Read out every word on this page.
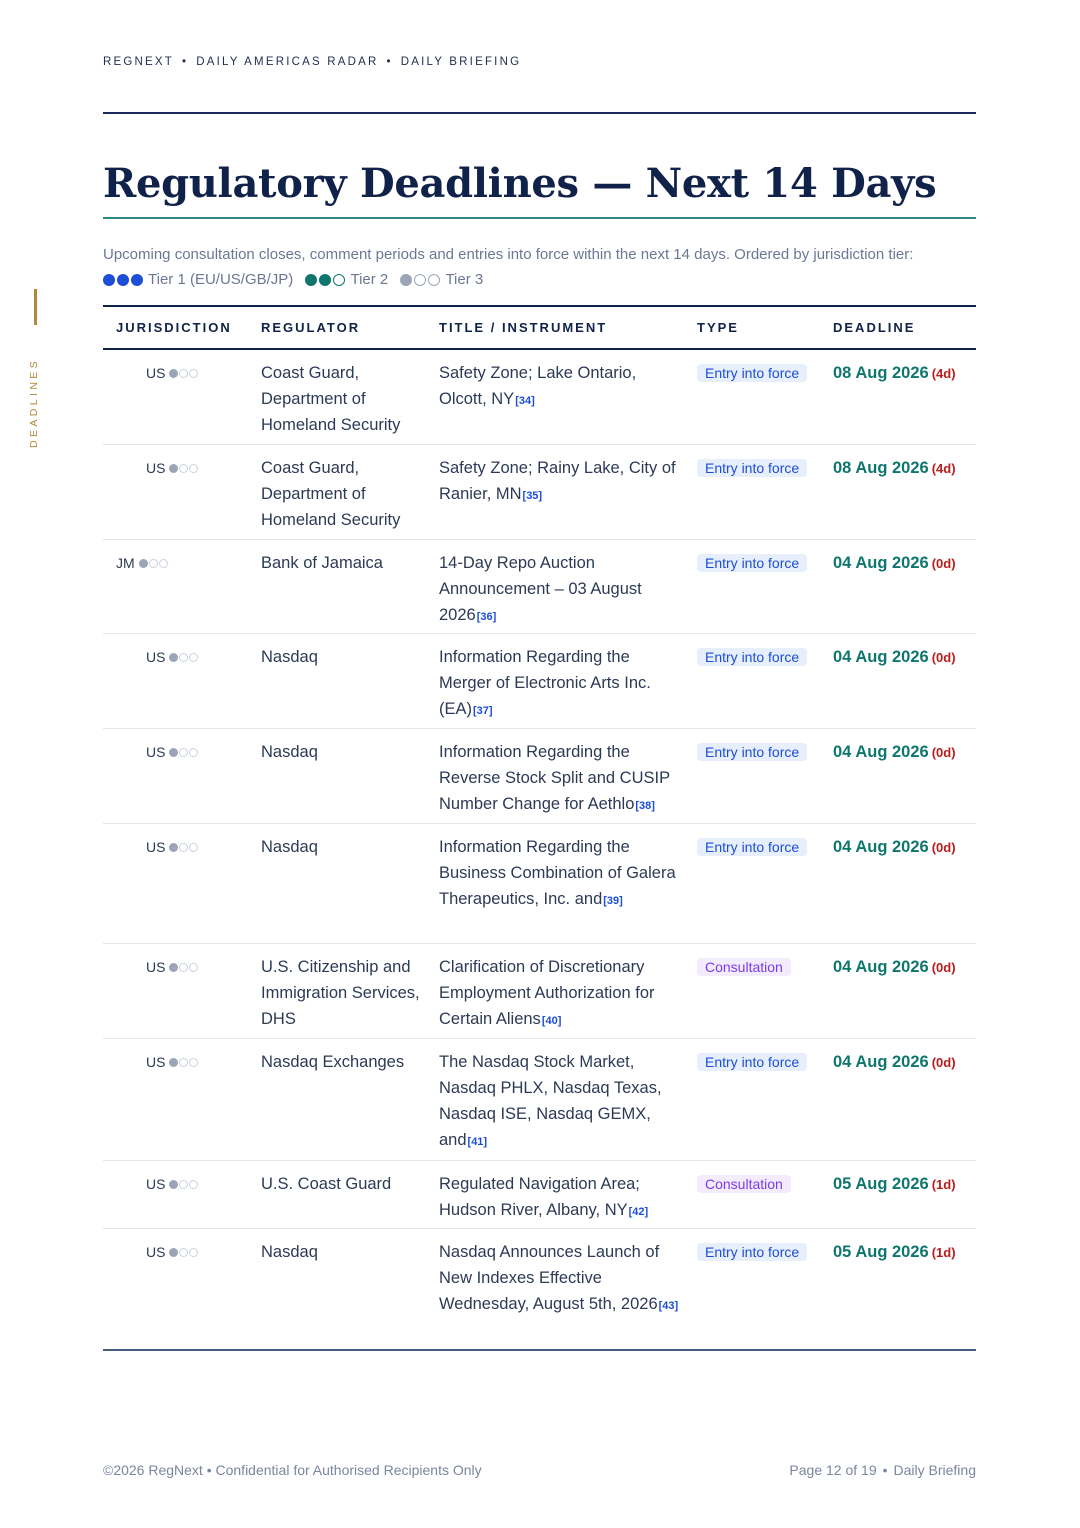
REGNEXT • DAILY AMERICAS RADAR • DAILY BRIEFING
DEADLINES
Regulatory Deadlines — Next 14 Days
Upcoming consultation closes, comment periods and entries into force within the next 14 days. Ordered by jurisdiction tier:

Tier 1 (EU/US/GB/JP)
	Tier 2
	Tier 3
JURISDICTION	REGULATOR	TITLE / INSTRUMENT	TYPE	DEADLINE

US	Coast Guard, Department of Homeland Security	Safety Zone; Lake Ontario, Olcott, NY[34]	Entry into force	08 Aug 2026 (4d)

US	Coast Guard, Department of Homeland Security	Safety Zone; Rainy Lake, City of Ranier, MN[35]	Entry into force	08 Aug 2026 (4d)

JM	Bank of Jamaica	14-Day Repo Auction Announcement – 03 August 2026[36]	Entry into force	04 Aug 2026 (0d)

US	Nasdaq	Information Regarding the Merger of Electronic Arts Inc. (EA)[37]	Entry into force	04 Aug 2026 (0d)

US	Nasdaq	Information Regarding the Reverse Stock Split and CUSIP Number Change for Aethlo[38]	Entry into force	04 Aug 2026 (0d)

US	Nasdaq	Information Regarding the Business Combination of Galera Therapeutics, Inc. and[39]	Entry into force	04 Aug 2026 (0d)

US	U.S. Citizenship and Immigration Services, DHS	Clarification of Discretionary Employment Authorization for Certain Aliens[40]	Consultation	04 Aug 2026 (0d)

US	Nasdaq Exchanges	The Nasdaq Stock Market, Nasdaq PHLX, Nasdaq Texas, Nasdaq ISE, Nasdaq GEMX, and[41]	Entry into force	04 Aug 2026 (0d)

US	U.S. Coast Guard	Regulated Navigation Area; Hudson River, Albany, NY[42]	Consultation	05 Aug 2026 (1d)

US	Nasdaq	Nasdaq Announces Launch of New Indexes Effective Wednesday, August 5th, 2026[43]	Entry into force	05 Aug 2026 (1d)
©2026 RegNext • Confidential for Authorised Recipients Only	Page 12 of 19 • Daily Briefing
